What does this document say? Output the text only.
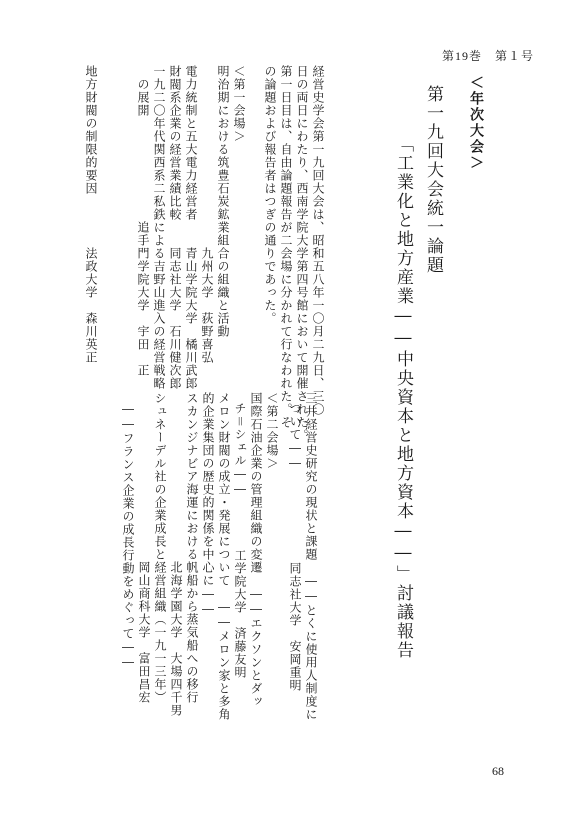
第19巻　第１号
＜年次大会＞
第一九回大会統一論題
「工業化と地方産業――中央資本と地方資本――」討議報告
三井経営史研究の現状と課題　――とくに使用人制度に
ついて――　　　　　　　同志社大学　安岡重明
＜第二会場＞
国際石油企業の管理組織の変遷　――エクソンとダッ
チ＝シェル――　　　　工学院大学　済藤友明
メロン財閥の成立・発展について　――メロン家と多角
的企業集団の歴史的関係を中心に――
スカンジナビア海運における帆船から蒸気船への移行
　　　　　　　　　　　　　北海学園大学　大場四千男
シュネーデル社の企業成長と経営組織（一九一三年）
　　　　　　　　　　　　　岡山商科大学　富田昌宏
――フランス企業の成長行動をめぐって――
経営史学会第一九回大会は、昭和五八年一〇月二九日、三〇
日の両日にわたり、西南学院大学第四号館において開催された。
第一日目は、自由論題報告が二会場に分かれて行なわれた。そ
の論題および報告者はつぎの通りであった。
＜第一会場＞
明治期における筑豊石炭鉱業組合の組織と活動
　　　　　　　　　　　　　　九州大学　荻野喜弘
電力統制と五大電力経営者　　青山学院大学　橘川武郎
財閥系企業の経営業績比較　　同志社大学　石川健次郎
一九二〇年代関西系二私鉄による吉野山進入の経営戦略
　の展開　　　　　　　　追手門学院大学　宇田　正
地方財閥の制限的要因　　　　法政大学　森川英正
68
